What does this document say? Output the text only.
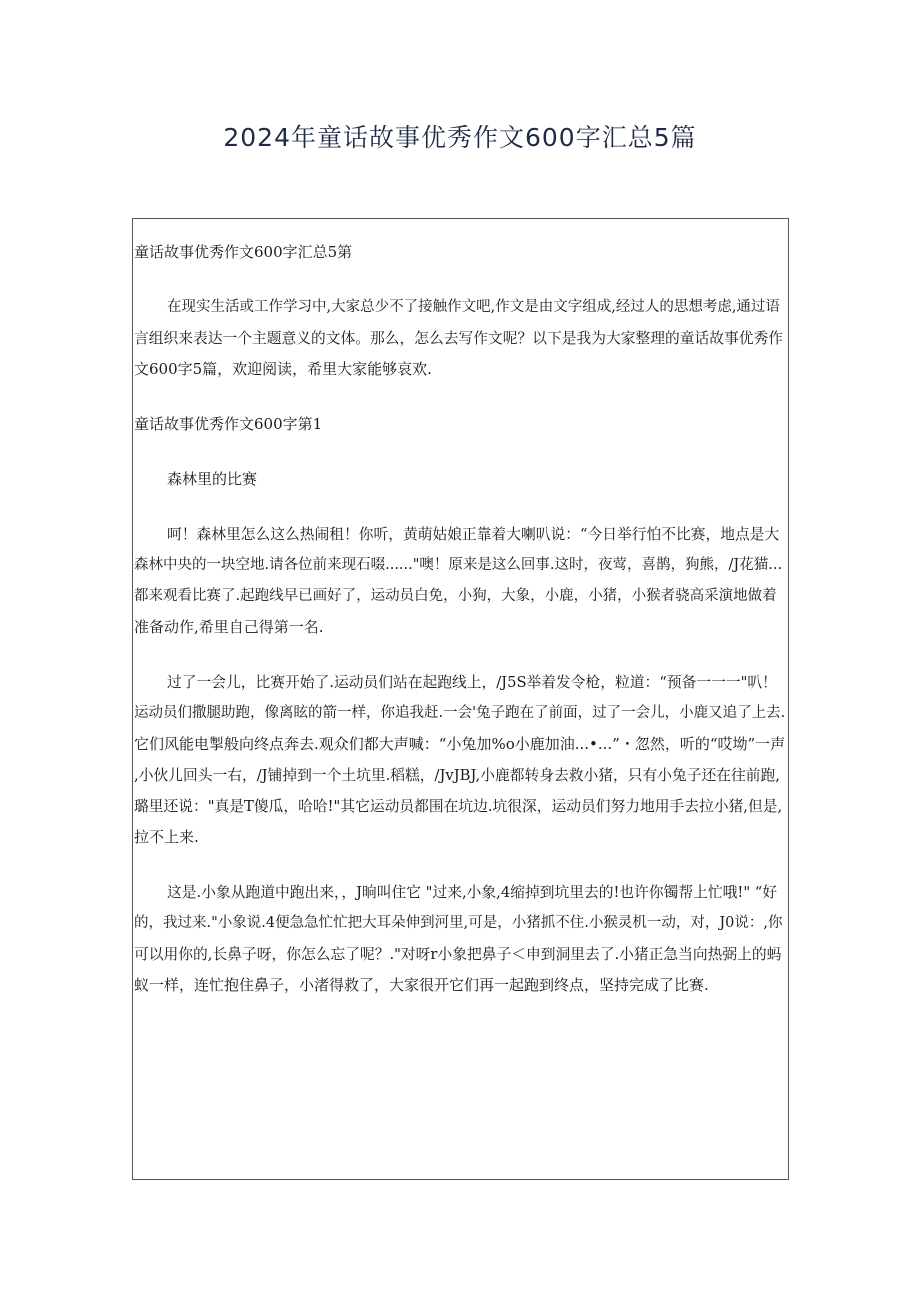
2024年童话故事优秀作文600字汇总5篇
童话故事优秀作文600字汇总5第
在现实生活或工作学习中,大家总少不了接触作文吧,作文是由文字组成,经过人的思想考虑,通过语
言组织来表达一个主题意义的文体。那么，怎么去写作文呢？以下是我为大家整理的童话故事优秀作
文600字5篇，欢迎阅读，希里大家能够哀欢.
童话故事优秀作文600字第1
森林里的比赛
呵！森林里怎么这么热闹租！你听，黄萌姑娘正靠着大喇叭说：“今日举行怕不比赛，地点是大
森林中央的一块空地.请各位前来现石啜......"噢！原来是这么回事.这时，夜莺，喜鹊，狗熊，/J花猫...
都来观看比赛了.起跑线早已画好了，运动员白免，小狗，大象，小鹿，小猪，小猴者骁高采演地做着
准备动作,希里自己得第一名.
过了一会儿，比赛开始了.运动员们站在起跑线上，/J5S举着发令枪，粒道：“预备一一一"叭！
运动员们撒腿助跑，像离眩的箭一样，你追我赶.一会'兔子跑在了前面，过了一会儿，小鹿又追了上去.
它们风能电掣般向终点奔去.观众们都大声喊：“小兔加%o小鹿加油...•...”・忽然，听的“哎坳”一声
,小伙儿回头一右，/J铺掉到一个土坑里.稻糕，/JvJBJ,小鹿都转身去救小猪，只有小兔子还在往前跑,
璐里还说："真是T傻瓜，哈哈!"其它运动员都围在坑边.坑很深，运动员们努力地用手去拉小猪,但是,
拉不上来.
这是.小象从跑道中跑出来，，J晌叫住它 "过来,小象,4缩掉到坑里去的!也许你镯帮上忙哦!" “好
的，我过来."小象说.4便急急忙忙把大耳朵伸到河里,可是，小猪抓不住.小猴灵机一动，对，J0说：,你
可以用你的,长鼻子呀，你怎么忘了呢？."对呀r小象把鼻子＜申到洞里去了.小猪正急当向热弼上的蚂
蚁一样，连忙抱住鼻子，小渚得救了，大家很开它们再一起跑到终点，坚持完成了比赛.
